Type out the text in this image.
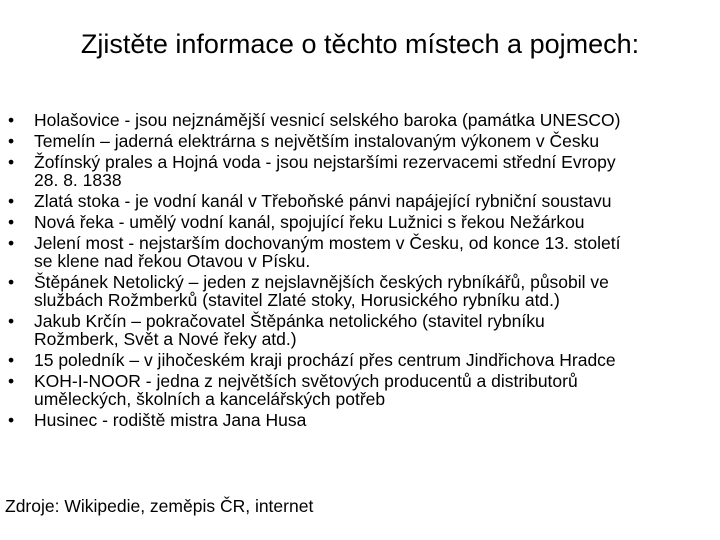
Zjistěte informace o těchto místech a pojmech:
•	Holašovice - jsou nejznámější vesnicí selského baroka (památka UNESCO)
•	Temelín – jaderná elektrárna s největším instalovaným výkonem v Česku
•	Žofínský prales a Hojná voda - jsou nejstaršími rezervacemi střední Evropy
28. 8. 1838
•	Zlatá stoka - je vodní kanál v Třeboňské pánvi napájející rybniční soustavu
•	Nová řeka - umělý vodní kanál, spojující řeku Lužnici s řekou Nežárkou
•	Jelení most - nejstarším dochovaným mostem v Česku, od konce 13. století
se klene nad řekou Otavou v Písku.
•	Štěpánek Netolický – jeden z nejslavnějších českých rybníkářů, působil ve
službách Rožmberků (stavitel Zlaté stoky, Horusického rybníku atd.)
•	Jakub Krčín – pokračovatel Štěpánka netolického (stavitel rybníku
Rožmberk, Svět a Nové řeky atd.)
•	15 poledník – v jihočeském kraji prochází přes centrum Jindřichova Hradce
•	KOH-I-NOOR - jedna z největších světových producentů a distributorů
uměleckých, školních a kancelářských potřeb
•	Husinec - rodiště mistra Jana Husa
Zdroje: Wikipedie, zeměpis ČR, internet
